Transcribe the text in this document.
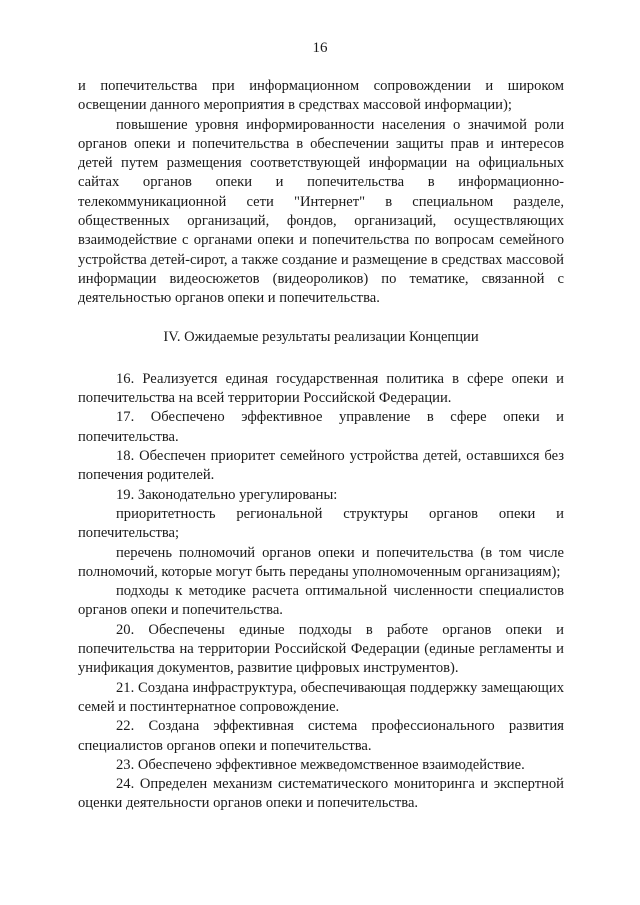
16

и попечительства при информационном сопровождении и широком освещении данного мероприятия в средствах массовой информации);

повышение уровня информированности населения о значимой роли органов опеки и попечительства в обеспечении защиты прав и интересов детей путем размещения соответствующей информации на официальных сайтах органов опеки и попечительства в информационно-телекоммуникационной сети "Интернет" в специальном разделе, общественных организаций, фондов, организаций, осуществляющих взаимодействие с органами опеки и попечительства по вопросам семейного устройства детей-сирот, а также создание и размещение в средствах массовой информации видеосюжетов (видеороликов) по тематике, связанной с деятельностью органов опеки и попечительства.

IV. Ожидаемые результаты реализации Концепции

16. Реализуется единая государственная политика в сфере опеки и попечительства на всей территории Российской Федерации.

17. Обеспечено эффективное управление в сфере опеки и попечительства.

18. Обеспечен приоритет семейного устройства детей, оставшихся без попечения родителей.

19. Законодательно урегулированы:

приоритетность региональной структуры органов опеки и попечительства;

перечень полномочий органов опеки и попечительства (в том числе полномочий, которые могут быть переданы уполномоченным организациям);

подходы к методике расчета оптимальной численности специалистов органов опеки и попечительства.

20. Обеспечены единые подходы в работе органов опеки и попечительства на территории Российской Федерации (единые регламенты и унификация документов, развитие цифровых инструментов).

21. Создана инфраструктура, обеспечивающая поддержку замещающих семей и постинтернатное сопровождение.

22. Создана эффективная система профессионального развития специалистов органов опеки и попечительства.

23. Обеспечено эффективное межведомственное взаимодействие.

24. Определен механизм систематического мониторинга и экспертной оценки деятельности органов опеки и попечительства.
